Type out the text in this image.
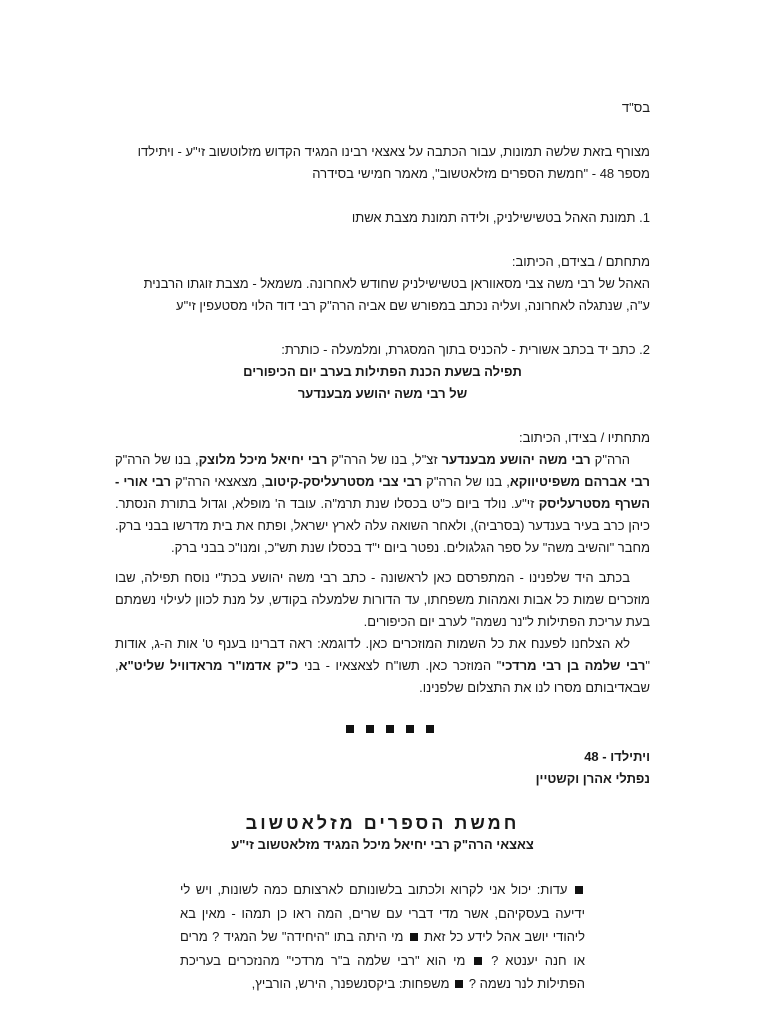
בס"ד

מצורף בזאת שלשה תמונות, עבור הכתבה על צאצאי רבינו המגיד הקדוש מזלוטשוב זי"ע - ויתילדו

מספר 48 - "חמשת הספרים מזלאטשוב", מאמר חמישי בסידרה

1. תמונת האהל בטשישילניק, ולידה תמונת מצבת אשתו

מתחתם / בצידם, הכיתוב:

האהל של רבי משה צבי מסאווראן בטשישילניק שחודש לאחרונה. משמאל - מצבת זוגתו הרבנית

ע"ה, שנתגלה לאחרונה, ועליה נכתב במפורש שם אביה הרה"ק רבי דוד הלוי מסטעפין זי"ע

2. כתב יד בכתב אשורית - להכניס בתוך המסגרת, ומלמעלה - כותרת:

תפילה בשעת הכנת הפתילות בערב יום הכיפורים

של רבי משה יהושע מבענדער

מתחתיו / בצידו, הכיתוב:

הרה"ק רבי משה יהושע מבענדער זצ"ל, בנו של הרה"ק רבי יחיאל מיכל מלוצק, בנו של הרה"ק רבי אברהם משפיטיווקא, בנו של הרה"ק רבי צבי מסטרעליסק-קיטוב, מצאצאי הרה"ק רבי אורי - השרף מסטרעליסק זי"ע. נולד ביום כ"ט בכסלו שנת תרמ"ה. עובד ה' מופלא, וגדול בתורת הנסתר. כיהן כרב בעיר בענדער (בסרביה), ולאחר השואה עלה לארץ ישראל, ופתח את בית מדרשו בבני ברק. מחבר "והשיב משה" על ספר הגלגולים. נפטר ביום י"ד בכסלו שנת תש"כ, ומנו"כ בבני ברק.

בכתב היד שלפנינו - המתפרסם כאן לראשונה - כתב רבי משה יהושע בכת"י נוסח תפילה, שבו מוזכרים שמות כל אבות ואמהות משפחתו, עד הדורות שלמעלה בקודש, על מנת לכוון לעילוי נשמתם בעת עריכת הפתילות ל"נר נשמה" לערב יום הכיפורים.

לא הצלחנו לפענח את כל השמות המוזכרים כאן. לדוגמא: ראה דברינו בענף ט' אות ה-ג, אודות "רבי שלמה בן רבי מרדכי" המוזכר כאן. תשו"ח לצאצאיו - בני כ"ק אדמו"ר מראדוויל שליט"א, שבאדיבותם מסרו לנו את התצלום שלפנינו.

ויתילדו - 48

נפתלי אהרן וקשטיין

חמשת הספרים מזלאטשוב

צאצאי הרה"ק רבי יחיאל מיכל המגיד מזלאטשוב זי"ע

עדות: יכול אני לקרוא ולכתוב בלשונותם לארצותם כמה לשונות, ויש לי ידיעה בעסקיהם, אשר מדי דברי עם שרים, המה ראו כן תמהו - מאין בא ליהודי יושב אהל לידע כל זאת  מי היתה בתו "היחידה" של המגיד ? מרים או חנה יענטא ?  מי הוא "רבי שלמה ב"ר מרדכי" מהנזכרים בעריכת הפתילות לנר נשמה ?  משפחות: ביקסנשפנר, הירש, הורביץ,
